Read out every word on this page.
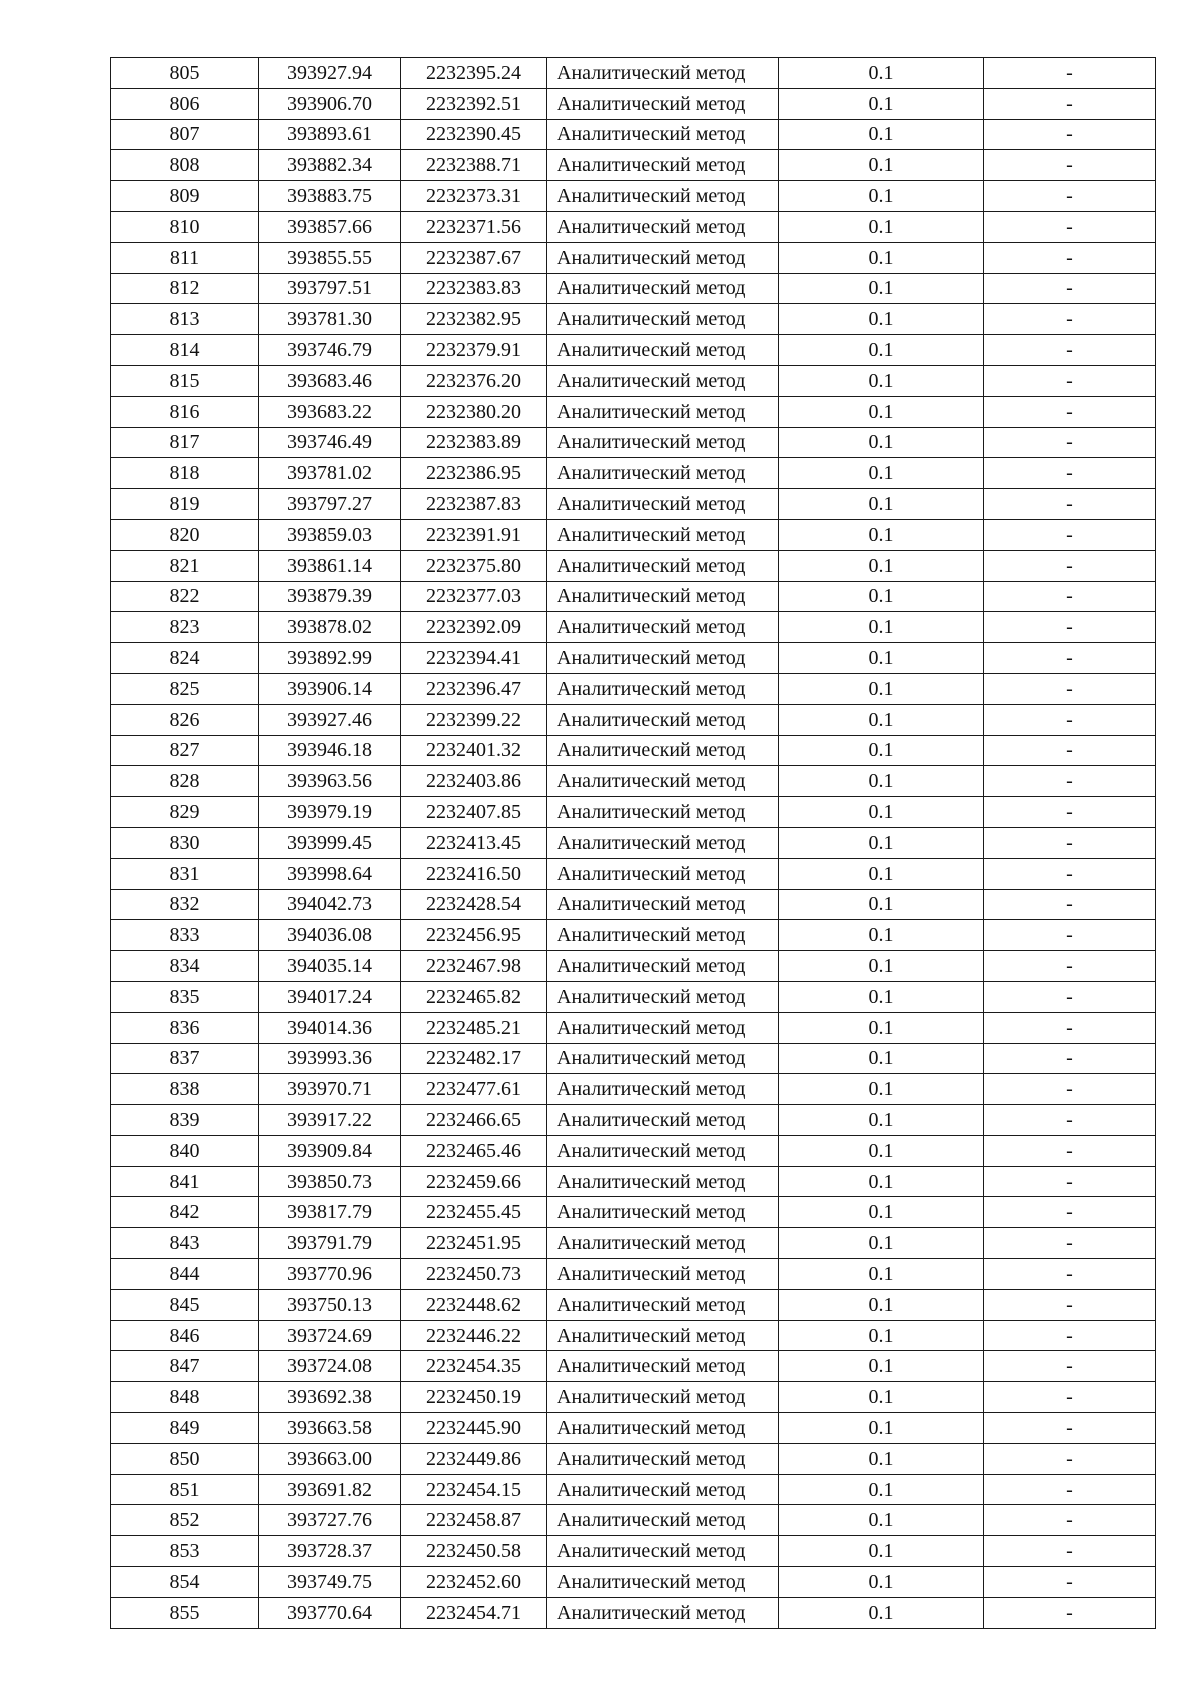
805	393927.94	2232395.24	Аналитический метод	0.1	-
806	393906.70	2232392.51	Аналитический метод	0.1	-
807	393893.61	2232390.45	Аналитический метод	0.1	-
808	393882.34	2232388.71	Аналитический метод	0.1	-
809	393883.75	2232373.31	Аналитический метод	0.1	-
810	393857.66	2232371.56	Аналитический метод	0.1	-
811	393855.55	2232387.67	Аналитический метод	0.1	-
812	393797.51	2232383.83	Аналитический метод	0.1	-
813	393781.30	2232382.95	Аналитический метод	0.1	-
814	393746.79	2232379.91	Аналитический метод	0.1	-
815	393683.46	2232376.20	Аналитический метод	0.1	-
816	393683.22	2232380.20	Аналитический метод	0.1	-
817	393746.49	2232383.89	Аналитический метод	0.1	-
818	393781.02	2232386.95	Аналитический метод	0.1	-
819	393797.27	2232387.83	Аналитический метод	0.1	-
820	393859.03	2232391.91	Аналитический метод	0.1	-
821	393861.14	2232375.80	Аналитический метод	0.1	-
822	393879.39	2232377.03	Аналитический метод	0.1	-
823	393878.02	2232392.09	Аналитический метод	0.1	-
824	393892.99	2232394.41	Аналитический метод	0.1	-
825	393906.14	2232396.47	Аналитический метод	0.1	-
826	393927.46	2232399.22	Аналитический метод	0.1	-
827	393946.18	2232401.32	Аналитический метод	0.1	-
828	393963.56	2232403.86	Аналитический метод	0.1	-
829	393979.19	2232407.85	Аналитический метод	0.1	-
830	393999.45	2232413.45	Аналитический метод	0.1	-
831	393998.64	2232416.50	Аналитический метод	0.1	-
832	394042.73	2232428.54	Аналитический метод	0.1	-
833	394036.08	2232456.95	Аналитический метод	0.1	-
834	394035.14	2232467.98	Аналитический метод	0.1	-
835	394017.24	2232465.82	Аналитический метод	0.1	-
836	394014.36	2232485.21	Аналитический метод	0.1	-
837	393993.36	2232482.17	Аналитический метод	0.1	-
838	393970.71	2232477.61	Аналитический метод	0.1	-
839	393917.22	2232466.65	Аналитический метод	0.1	-
840	393909.84	2232465.46	Аналитический метод	0.1	-
841	393850.73	2232459.66	Аналитический метод	0.1	-
842	393817.79	2232455.45	Аналитический метод	0.1	-
843	393791.79	2232451.95	Аналитический метод	0.1	-
844	393770.96	2232450.73	Аналитический метод	0.1	-
845	393750.13	2232448.62	Аналитический метод	0.1	-
846	393724.69	2232446.22	Аналитический метод	0.1	-
847	393724.08	2232454.35	Аналитический метод	0.1	-
848	393692.38	2232450.19	Аналитический метод	0.1	-
849	393663.58	2232445.90	Аналитический метод	0.1	-
850	393663.00	2232449.86	Аналитический метод	0.1	-
851	393691.82	2232454.15	Аналитический метод	0.1	-
852	393727.76	2232458.87	Аналитический метод	0.1	-
853	393728.37	2232450.58	Аналитический метод	0.1	-
854	393749.75	2232452.60	Аналитический метод	0.1	-
855	393770.64	2232454.71	Аналитический метод	0.1	-
